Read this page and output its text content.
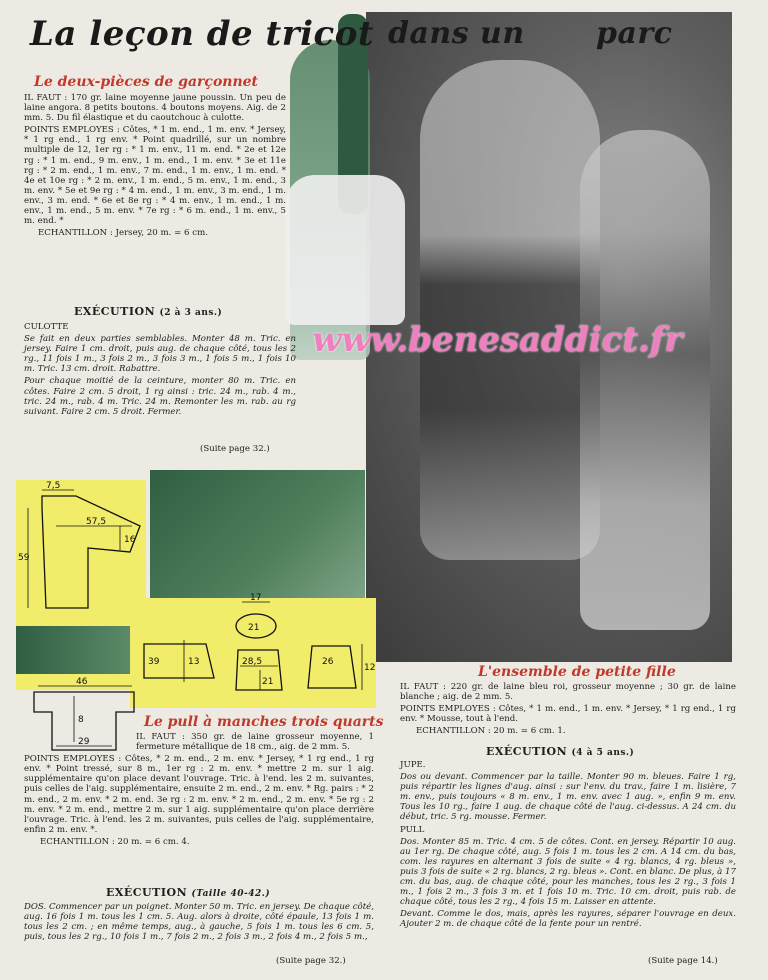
La leçon de tricot dans un parc
Le deux-pièces de garçonnet

IL FAUT : 170 gr. laine moyenne jaune poussin. Un peu de laine angora. 8 petits boutons. 4 boutons moyens. Aig. de 2 mm. 5. Du fil élastique et du caoutchouc à culotte.

POINTS EMPLOYES : Côtes, * 1 m. end., 1 m. env. * Jersey, * 1 rg end., 1 rg env. * Point quadrillé, sur un nombre multiple de 12, 1er rg : * 1 m. env., 11 m. end. * 2e et 12e rg : * 1 m. end., 9 m. env., 1 m. end., 1 m. env. * 3e et 11e rg : * 2 m. end., 1 m. env., 7 m. end., 1 m. env., 1 m. end. * 4e et 10e rg : * 2 m. env., 1 m. end., 5 m. env., 1 m. end., 3 m. env. * 5e et 9e rg : * 4 m. end., 1 m. env., 3 m. end., 1 m. env., 3 m. end. * 6e et 8e rg : * 4 m. env., 1 m. end., 1 m. env., 1 m. end., 5 m. env. * 7e rg : * 6 m. end., 1 m. env., 5 m. end. *

ECHANTILLON : Jersey, 20 m. = 6 cm.

EXÉCUTION (2 à 3 ans.)

CULOTTE

Se fait en deux parties semblables. Monter 48 m. Tric. en jersey. Faire 1 cm. droit, puis aug. de chaque côté, tous les 2 rg., 11 fois 1 m., 3 fois 2 m., 3 fois 3 m., 1 fois 5 m., 1 fois 10 m. Tric. 13 cm. droit. Rabattre.

Pour chaque moitié de la ceinture, monter 80 m. Tric. en côtes. Faire 2 cm. 5 droit, 1 rg ainsi : tric. 24 m., rab. 4 m., tric. 24 m., rab. 4 m. Tric. 24 m. Remonter les m. rab. au rg suivant. Faire 2 cm. 5 droit. Fermer.

(Suite page 32.)
www.benesaddict.fr
7,5
57,5
16
59
17
21
39	13	28,5
21
26
12
46
8
29
Le pull à manches trois quarts

IL FAUT : 350 gr. de laine grosseur moyenne, 1 fermeture métallique de 18 cm., aig. de 2 mm. 5.

POINTS EMPLOYES : Côtes, * 2 m. end., 2 m. env. * Jersey, * 1 rg end., 1 rg env. * Point tressé, sur 8 m., 1er rg : 2 m. env. * mettre 2 m. sur 1 aig. supplémentaire qu'on place devant l'ouvrage. Tric. à l'end. les 2 m. suivantes, puis celles de l'aig. supplémentaire, ensuite 2 m. end., 2 m. env. * Rg. pairs : * 2 m. end., 2 m. env. * 2 m. end. 3e rg : 2 m. env. * 2 m. end., 2 m. env. * 5e rg : 2 m. env. * 2 m. end., mettre 2 m. sur 1 aig. supplémentaire qu'on place derrière l'ouvrage. Tric. à l'end. les 2 m. suivantes, puis celles de l'aig. supplémentaire, enfin 2 m. env. *.

ECHANTILLON : 20 m. = 6 cm. 4.

EXÉCUTION (Taille 40-42.)

DOS. Commencer par un poignet. Monter 50 m. Tric. en jersey. De chaque côté, aug. 16 fois 1 m. tous les 1 cm. 5. Aug. alors à droite, côté épaule, 13 fois 1 m. tous les 2 cm. ; en même temps, aug., à gauche, 5 fois 1 m. tous les 6 cm. 5, puis, tous les 2 rg., 10 fois 1 m., 7 fois 2 m., 2 fois 3 m., 2 fois 4 m., 2 fois 5 m.,

(Suite page 32.)
L'ensemble de petite fille

IL FAUT : 220 gr. de laine bleu roi, grosseur moyenne ; 30 gr. de laine blanche ; aig. de 2 mm. 5.

POINTS EMPLOYES : Côtes, * 1 m. end., 1 m. env. * Jersey, * 1 rg end., 1 rg env. * Mousse, tout à l'end.

ECHANTILLON : 20 m. = 6 cm. 1.

EXÉCUTION (4 à 5 ans.)

JUPE.

Dos ou devant. Commencer par la taille. Monter 90 m. bleues. Faire 1 rg, puis répartir les lignes d'aug. ainsi : sur l'env. du trav., faire 1 m. lisière, 7 m. env., puis toujours « 8 m. env., 1 m. env. avec 1 aug. », enfin 9 m. env. Tous les 10 rg., faire 1 aug. de chaque côté de l'aug. ci-dessus. A 24 cm. du début, tric. 5 rg. mousse. Fermer.

PULL

Dos. Monter 85 m. Tric. 4 cm. 5 de côtes. Cont. en jersey. Répartir 10 aug. au 1er rg. De chaque côté, aug. 5 fois 1 m. tous les 2 cm. A 14 cm. du bas, com. les rayures en alternant 3 fois de suite « 4 rg. blancs, 4 rg. bleus », puis 3 fois de suite « 2 rg. blancs, 2 rg. bleus ». Cont. en blanc. De plus, à 17 cm. du bas, aug. de chaque côté, pour les manches, tous les 2 rg., 3 fois 1 m., 1 fois 2 m., 3 fois 3 m. et 1 fois 10 m. Tric. 10 cm. droit, puis rab. de chaque côté, tous les 2 rg., 4 fois 15 m. Laisser en attente.

Devant. Comme le dos, mais, après les rayures, séparer l'ouvrage en deux. Ajouter 2 m. de chaque côté de la fente pour un rentré.

(Suite page 14.)
